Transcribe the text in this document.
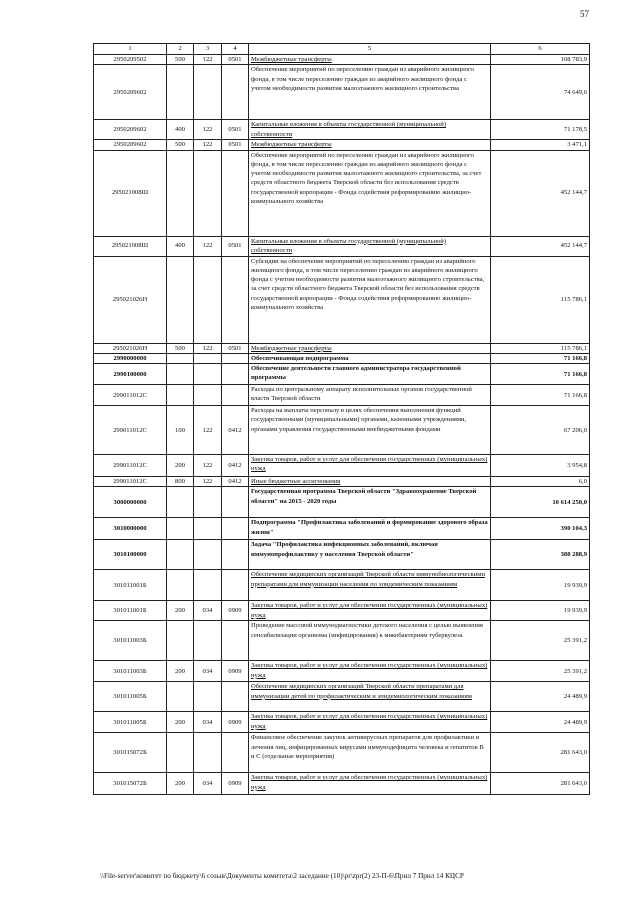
57
1	2	3	4	5	6
2950209502	500	122	0501	Межбюджетные трансферты	108 783,9
2950209602				Обеспечение мероприятий по переселению граждан из аварийного жилищного фонда, в том числе переселению граждан из аварийного жилищного фонда с учетом необходимости развития малоэтажного жилищного строительства	74 649,6
2950209602	400	122	0501	Капитальные вложения в объекты государственной (муниципальной) собственности	71 178,5
2950209602	500	122	0501	Межбюджетные трансферты	3 471,1
295021008Ш				Обеспечение мероприятий по переселению граждан из аварийного жилищного фонда, в том числе переселению граждан из аварийного жилищного фонда с учетом необходимости развития малоэтажного жилищного строительства, за счет средств областного бюджета Тверской области без использования средств государственной корпорации - Фонда содействия реформированию жилищно-коммунального хозяйства	452 144,7
295021008Ш	400	122	0501	Капитальные вложения в объекты государственной (муниципальной) собственности	452 144,7
295021026Н				Субсидии на обеспечение мероприятий по переселению граждан из аварийного жилищного фонда, в том числе переселению граждан из аварийного жилищного фонда с учетом необходимости развития малоэтажного жилищного строительства, за счет средств областного бюджета Тверской области без использования средств государственной корпорации - Фонда содействия реформированию жилищно-коммунального хозяйства	115 786,1
295021026Н	500	122	0501	Межбюджетные трансферты	115 786,1
2990000000				Обеспечивающая подпрограмма	71 166,8
2990100000				Обеспечение деятельности главного администратора государственной программы	71 166,8
299011012С				Расходы по центральному аппарату исполнительных органов государственной власти Тверской области	71 166,8
299011012С	100	122	0412	Расходы на выплаты персоналу в целях обеспечения выполнения функций государственными (муниципальными) органами, казенными учреждениями, органами управления государственными внебюджетными фондами	67 206,0
299011012С	200	122	0412	Закупка товаров, работ и услуг для обеспечения государственных (муниципальных) нужд	3 954,8
299011012С	800	122	0412	Иные бюджетные ассигнования	6,0
3000000000				Государственная программа Тверской области "Здравоохранение Тверской области" на 2015 - 2020 годы	10 614 250,0
3010000000				Подпрограмма "Профилактика заболеваний и формирование здорового образа жизни"	390 104,3
3010100000				Задача "Профилактика инфекционных заболеваний, включая иммунопрофилактику у населения Тверской области"	388 288,9
301011001Б				Обеспечение медицинских организаций Тверской области иммунобиологическими препаратами для иммунизации населения по эпидемическим показаниям	19 939,9
301011001Б	200	034	0909	Закупка товаров, работ и услуг для обеспечения государственных (муниципальных) нужд	19 939,9
301011003Б				Проведение массовой иммунодиагностики детского населения с целью выявления сенсибилизации организма (инфицирования) к микобактериям туберкулеза	25 391,2
301011003Б	200	034	0909	Закупка товаров, работ и услуг для обеспечения государственных (муниципальных) нужд	25 391,2
301011005Б				Обеспечение медицинских организаций Тверской области препаратами для иммунизации детей по профилактическим и эпидемиологическим показаниям	24 489,9
301011005Б	200	034	0909	Закупка товаров, работ и услуг для обеспечения государственных (муниципальных) нужд	24 489,9
301015072Б				Финансовое обеспечение закупок антивирусных препаратов для профилактики и лечения лиц, инфицированных вирусами иммунодефицита человека и гепатитов В и С (отдельные мероприятия)	281 643,0
301015072Б	200	034	0909	Закупка товаров, работ и услуг для обеспечения государственных (муниципальных) нужд	281 643,0
\\File-server\комитет по бюджету\6 созыв\Документы комитета\2 заседание (10)\pr\zpr(2) 23-П-6\Прил 7 Прил 14 КЦСР
